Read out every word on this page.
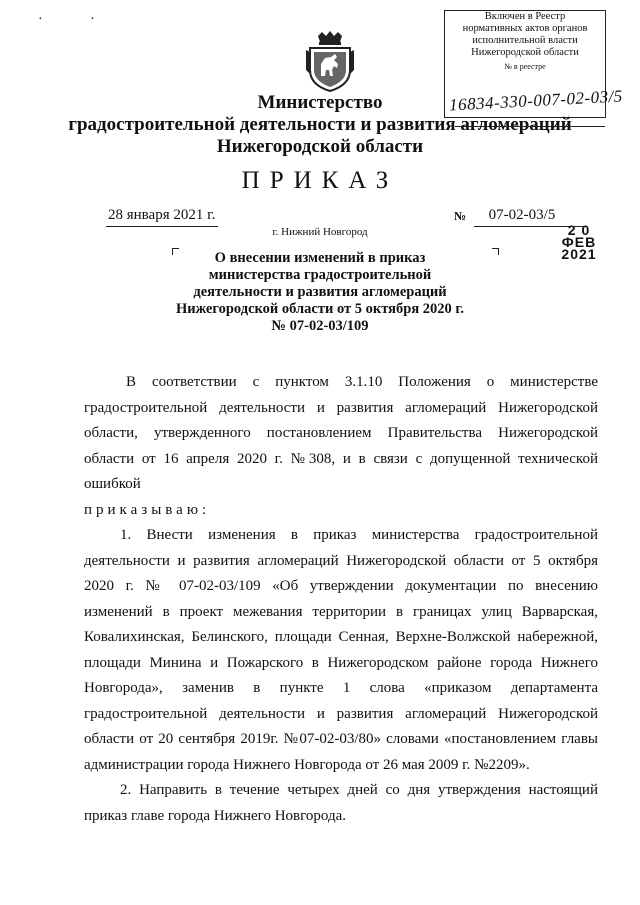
· ·	Включен в Реестр
нормативных актов органов
исполнительной власти
Нижегородской области
2 0 ФЕВ 2021
№ в реестре
16834-330-007-02-03/5
Министерство
градостроительной деятельности и развития агломераций
Нижегородской области
ПРИКАЗ
28 января 2021 г.
г. Нижний Новгород
№	07-02-03/5
О внесении изменений в приказ
министерства градостроительной
деятельности и развития агломераций
Нижегородской области от 5 октября 2020 г.
№ 07-02-03/109

В соответствии с пунктом 3.1.10 Положения о министерстве градостроительной деятельности и развития агломераций Нижегородской области, утвержденного постановлением Правительства Нижегородской области от 16 апреля 2020 г. №308, и в связи с допущенной технической ошибкой

приказываю:

1. Внести изменения в приказ министерства градостроительной деятельности и развития агломераций Нижегородской области от 5 октября 2020 г. № 07-02-03/109 «Об утверждении документации по внесению изменений в проект межевания территории в границах улиц Варварская, Ковалихинская, Белинского, площади Сенная, Верхне-Волжской набережной, площади Минина и Пожарского в Нижегородском районе города Нижнего Новгорода», заменив в пункте 1 слова «приказом департамента градостроительной деятельности и развития агломераций Нижегородской области от 20 сентября 2019г. №07-02-03/80» словами «постановлением главы администрации города Нижнего Новгорода от 26 мая 2009 г. №2209».

2. Направить в течение четырех дней со дня утверждения настоящий приказ главе города Нижнего Новгорода.
